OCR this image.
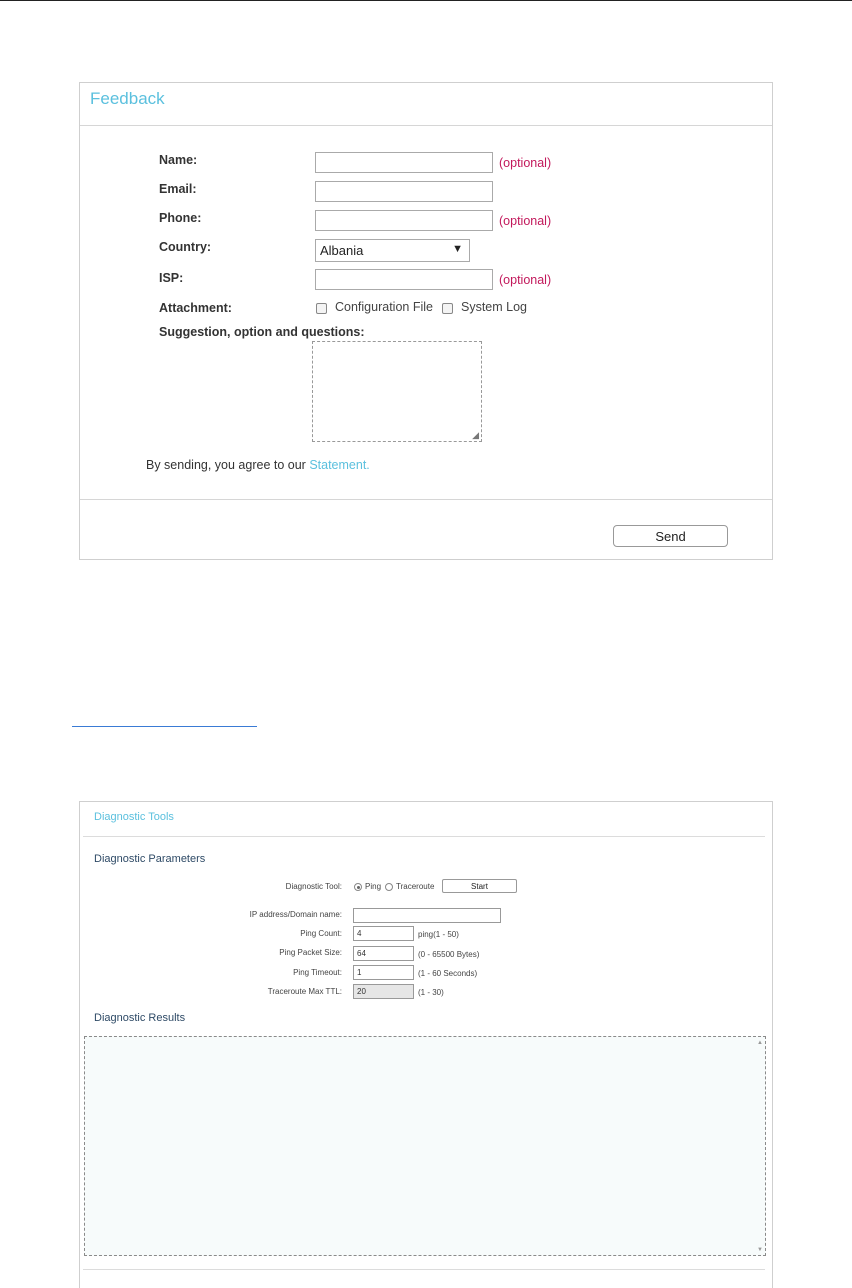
Feedback
Name:	(optional)
Email:
Phone:	(optional)
Country:	Albania	▼
ISP:	(optional)
Attachment:	Configuration File System Log
Suggestion, option and questions:
◢
By sending, you agree to our Statement.
Send
Diagnostic Tools
Diagnostic Parameters
Diagnostic Tool:	Ping Traceroute	Start
IP address/Domain name:
Ping Count:	4	ping(1 - 50)
Ping Packet Size:	64	(0 - 65500 Bytes)
Ping Timeout:	1	(1 - 60 Seconds)
Traceroute Max TTL:	20	(1 - 30)
Diagnostic Results
▲
▼
